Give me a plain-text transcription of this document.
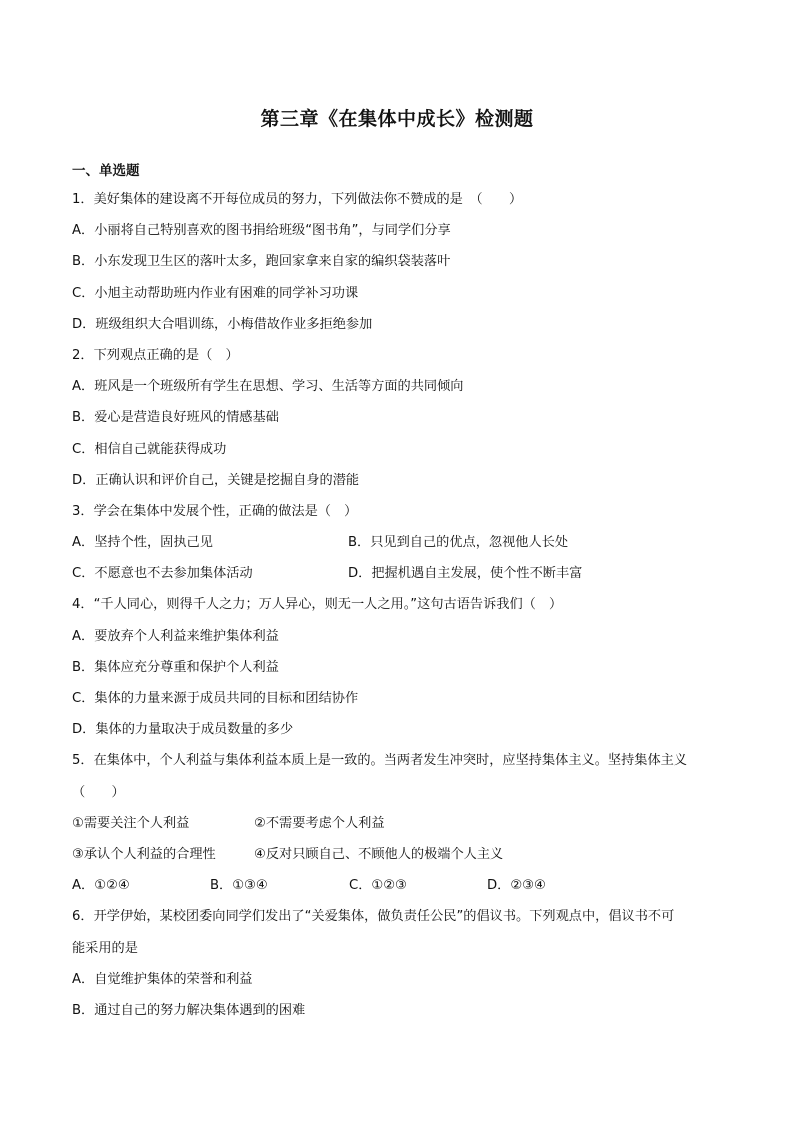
第三章《在集体中成长》检测题
一、单选题
1．美好集体的建设离不开每位成员的努力，下列做法你不赞成的是　（　　）
A．小丽将自己特别喜欢的图书捐给班级“图书角”，与同学们分享
B．小东发现卫生区的落叶太多，跑回家拿来自家的编织袋装落叶
C．小旭主动帮助班内作业有困难的同学补习功课
D．班级组织大合唱训练，小梅借故作业多拒绝参加
2．下列观点正确的是（　）
A．班风是一个班级所有学生在思想、学习、生活等方面的共同倾向
B．爱心是营造良好班风的情感基础
C．相信自己就能获得成功
D．正确认识和评价自己，关键是挖掘自身的潜能
3．学会在集体中发展个性，正确的做法是（　）
A．坚持个性，固执己见	B．只见到自己的优点，忽视他人长处
C．不愿意也不去参加集体活动	D．把握机遇自主发展，使个性不断丰富
4．“千人同心，则得千人之力；万人异心，则无一人之用。”这句古语告诉我们（　）
A．要放弃个人利益来维护集体利益
B．集体应充分尊重和保护个人利益
C．集体的力量来源于成员共同的目标和团结协作
D．集体的力量取决于成员数量的多少
5．在集体中，个人利益与集体利益本质上是一致的。当两者发生冲突时，应坚持集体主义。坚持集体主义
（　　）
①需要关注个人利益	②不需要考虑个人利益
③承认个人利益的合理性	④反对只顾自己、不顾他人的极端个人主义
A．①②④	B．①③④	C．①②③	D．②③④
6．开学伊始，某校团委向同学们发出了“关爱集体，做负责任公民”的倡议书。下列观点中，倡议书不可
能采用的是
A．自觉维护集体的荣誉和利益
B．通过自己的努力解决集体遇到的困难
